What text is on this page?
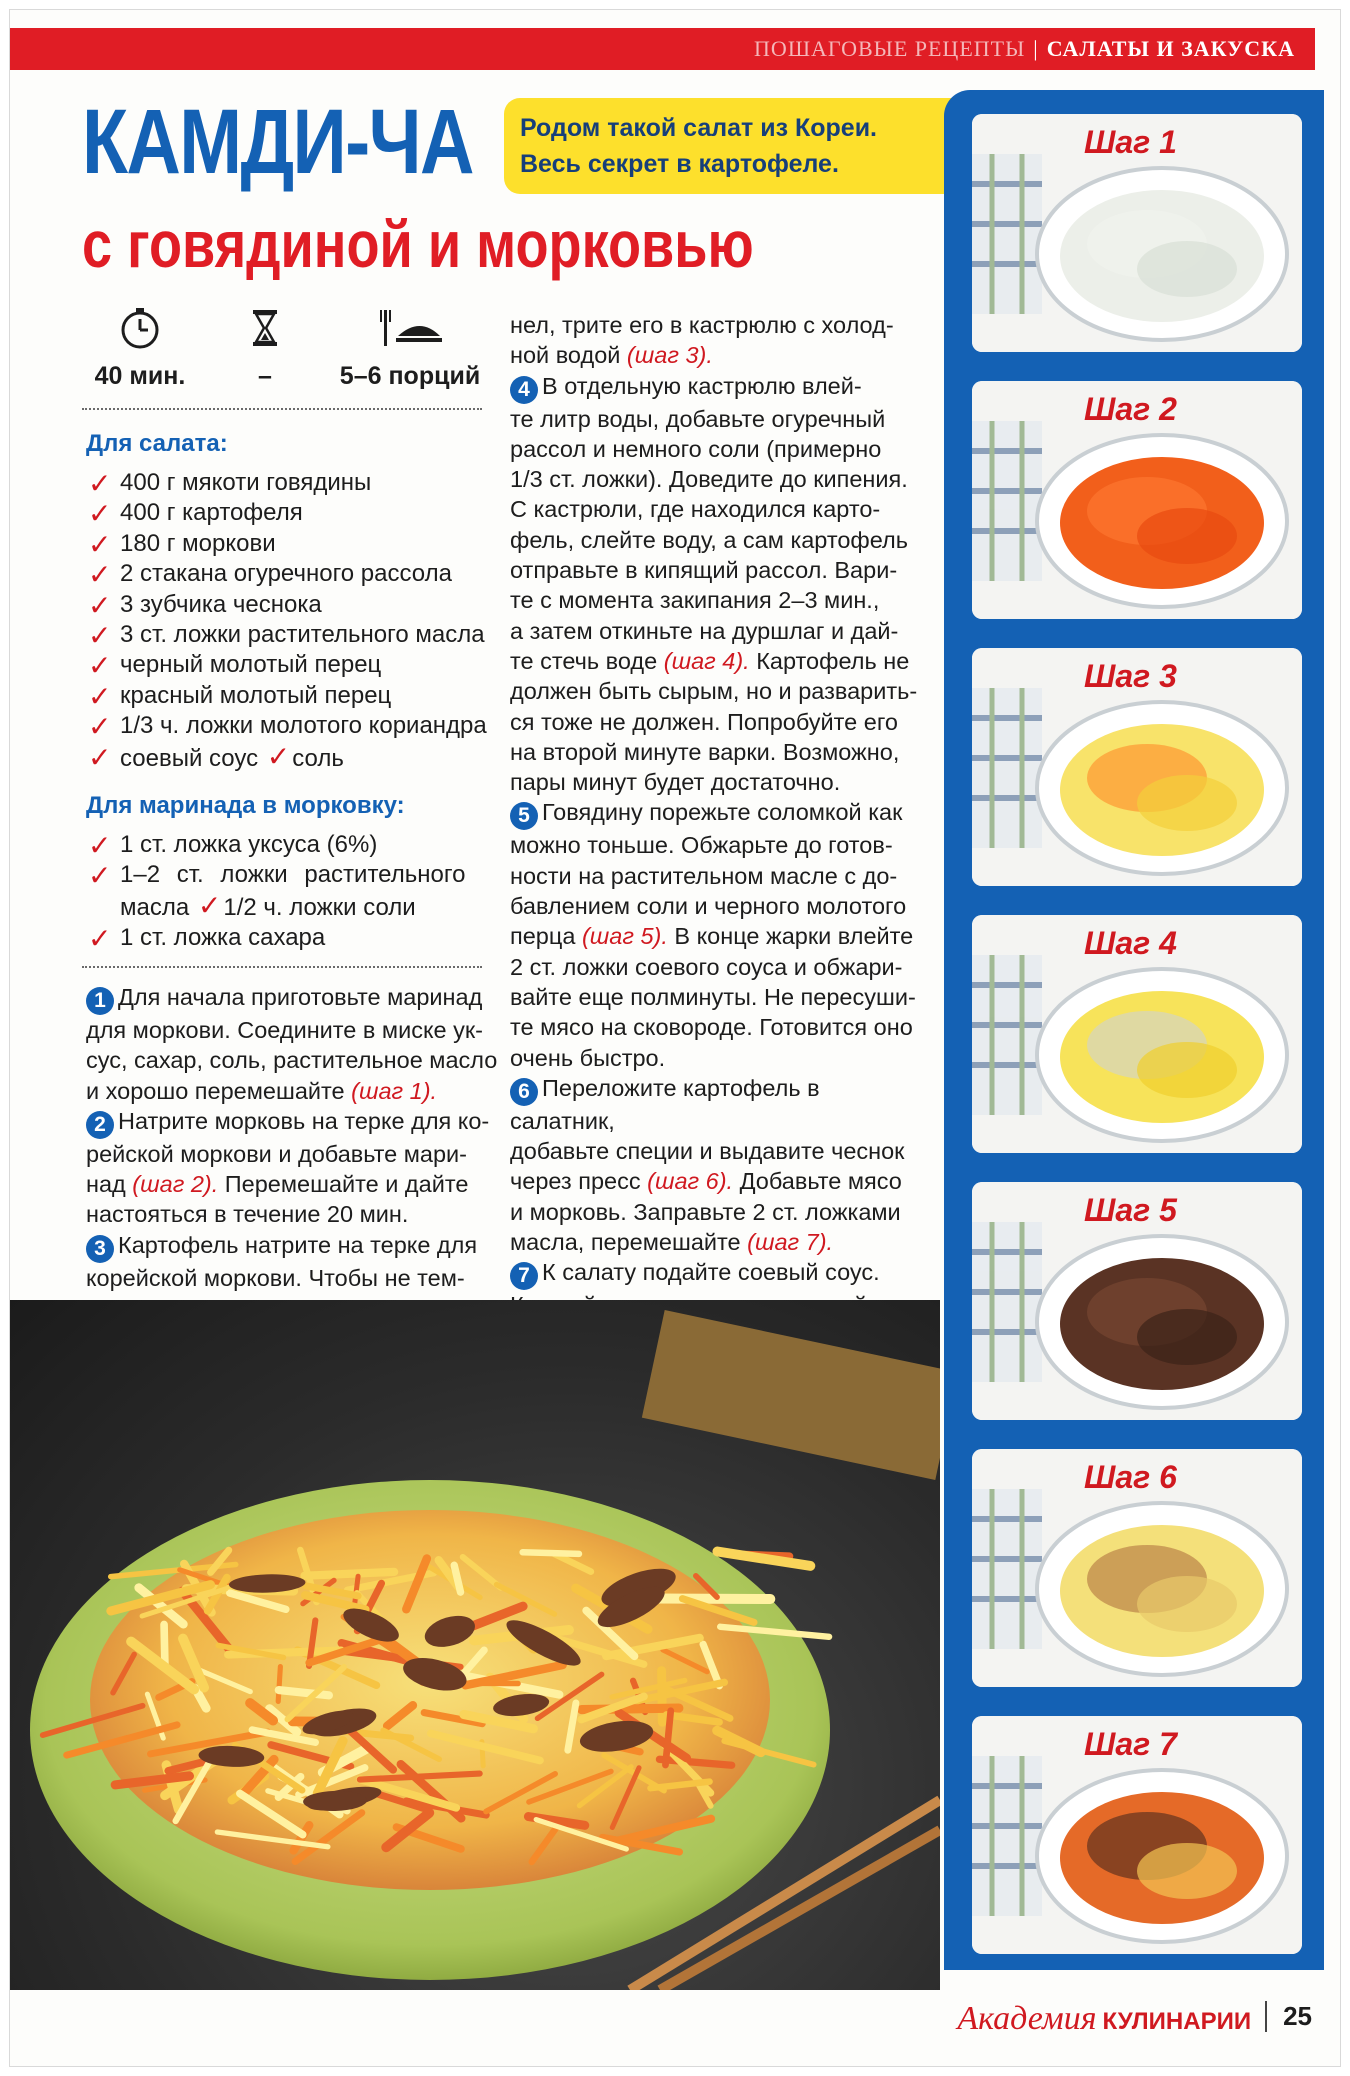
ПОШАГОВЫЕ РЕЦЕПТЫ | САЛАТЫ И ЗАКУСКА
КАМДИ-ЧА
с говядиной и морковью
Родом такой салат из Кореи.
Весь секрет в картофеле.
40 мин.	–	5–6 порций
Для салата:
✓ 400 г мякоти говядины
✓ 400 г картофеля
✓ 180 г моркови
✓ 2 стакана огуречного рассола
✓ 3 зубчика чеснока
✓ 3 ст. ложки растительного масла
✓ черный молотый перец
✓ красный молотый перец
✓ 1/3 ч. ложки молотого кориандра
✓ соевый соус ✓соль
Для маринада в морковку:
✓ 1 ст. ложка уксуса (6%)
✓ 1–2 ст. ложки растительного
масла ✓1/2 ч. ложки соли
✓ 1 ст. ложка сахара

1 Для начала приготовьте маринад
для моркови. Соедините в миске ук-
сус, сахар, соль, растительное масло
и хорошо перемешайте (шаг 1).

2 Натрите морковь на терке для ко-
рейской моркови и добавьте мари-
над (шаг 2). Перемешайте и дайте
настояться в течение 20 мин.

3 Картофель натрите на терке для
корейской моркови. Чтобы не тем-

нел, трите его в кастрюлю с холод-
ной водой (шаг 3).

4 В отдельную кастрюлю влей-
те литр воды, добавьте огуречный
рассол и немного соли (примерно
1/3 ст. ложки). Доведите до кипения.
С кастрюли, где находился карто-
фель, слейте воду, а сам картофель
отправьте в кипящий рассол. Вари-
те с момента закипания 2–3 мин.,
а затем откиньте на дуршлаг и дай-
те стечь воде (шаг 4). Картофель не
должен быть сырым, но и разварить-
ся тоже не должен. Попробуйте его
на второй минуте варки. Возможно,
пары минут будет достаточно.

5 Говядину порежьте соломкой как
можно тоньше. Обжарьте до готов-
ности на растительном масле с до-
бавлением соли и черного молотого
перца (шаг 5). В конце жарки влейте
2 ст. ложки соевого соуса и обжари-
вайте еще полминуты. Не пересуши-
те мясо на сковороде. Готовится оно
очень быстро.

6 Переложите картофель в салатник,
добавьте специи и выдавите чеснок
через пресс (шаг 6). Добавьте мясо
и морковь. Заправьте 2 ст. ложками
масла, перемешайте (шаг 7).

7 К салату подайте соевый соус.

Шаг 1
Шаг 2
Шаг 3
Шаг 4
Шаг 5
Шаг 6
Шаг 7
Академия КУЛИНАРИИ 25
